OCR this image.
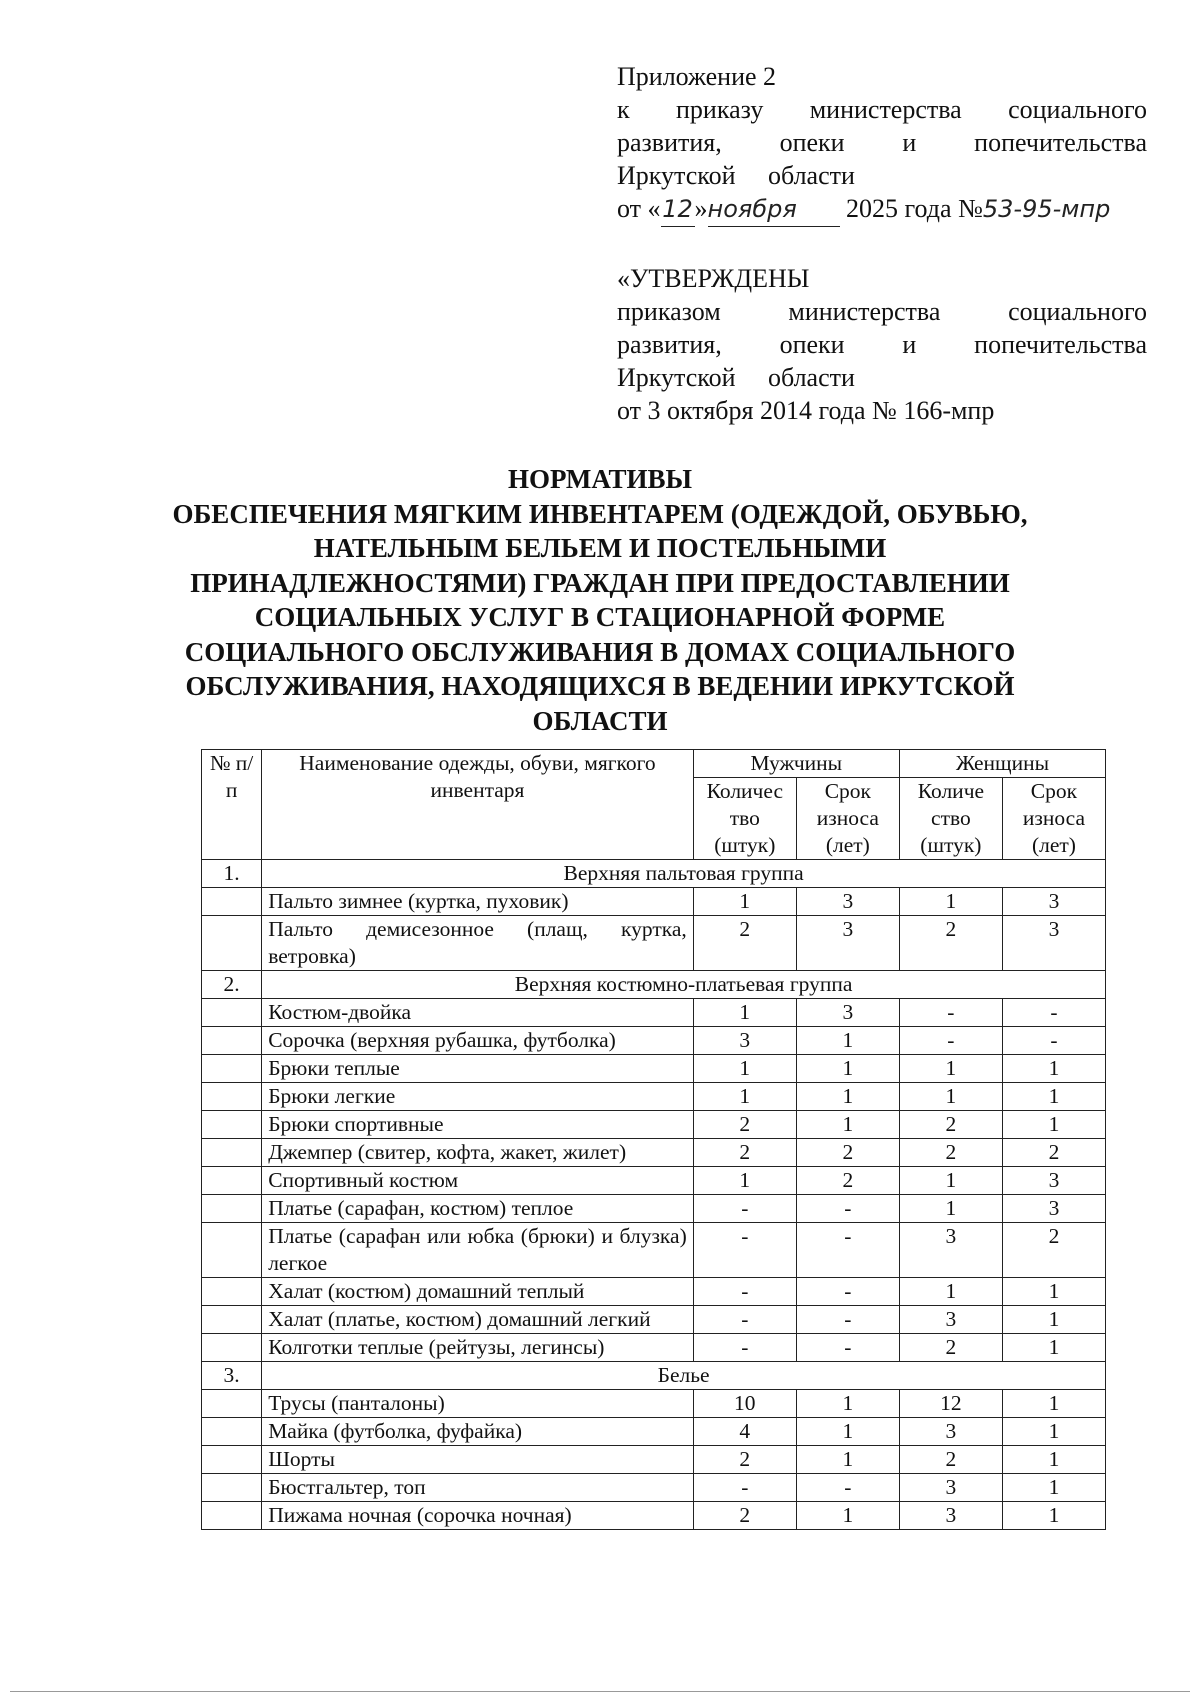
Приложение 2
к приказу министерства социального
развития, опеки и попечительства
Иркутской области
от «12»ноября 2025 года №53-95-мпр
«УТВЕРЖДЕНЫ
приказом	министерства	социального
развития, опеки и попечительства
Иркутской области
от 3 октября 2014 года № 166-мпр
НОРМАТИВЫ
ОБЕСПЕЧЕНИЯ МЯГКИМ ИНВЕНТАРЕМ (ОДЕЖДОЙ, ОБУВЬЮ,
НАТЕЛЬНЫМ БЕЛЬЕМ И ПОСТЕЛЬНЫМИ
ПРИНАДЛЕЖНОСТЯМИ) ГРАЖДАН ПРИ ПРЕДОСТАВЛЕНИИ
СОЦИАЛЬНЫХ УСЛУГ В СТАЦИОНАРНОЙ ФОРМЕ
СОЦИАЛЬНОГО ОБСЛУЖИВАНИЯ В ДОМАХ СОЦИАЛЬНОГО
ОБСЛУЖИВАНИЯ, НАХОДЯЩИХСЯ В ВЕДЕНИИ ИРКУТСКОЙ
ОБЛАСТИ
№ п/п	Наименование одежды, обуви, мягкого инвентаря	Мужчины		Женщины	
		Количес тво (штук)	Срок износа (лет)	Количе ство (штук)	Срок износа (лет)
1.	Верхняя пальтовая группа				
	Пальто зимнее (куртка, пуховик)	1	3	1	3
	Пальто демисезонное (плащ, куртка, ветровка)	2	3	2	3
2.	Верхняя костюмно-платьевая группа				
	Костюм-двойка	1	3	-	-
	Сорочка (верхняя рубашка, футболка)	3	1	-	-
	Брюки теплые	1	1	1	1
	Брюки легкие	1	1	1	1
	Брюки спортивные	2	1	2	1
	Джемпер (свитер, кофта, жакет, жилет)	2	2	2	2
	Спортивный костюм	1	2	1	3
	Платье (сарафан, костюм) теплое	-	-	1	3
	Платье (сарафан или юбка (брюки) и блузка) легкое	-	-	3	2
	Халат (костюм) домашний теплый	-	-	1	1
	Халат (платье, костюм) домашний легкий	-	-	3	1
	Колготки теплые (рейтузы, легинсы)	-	-	2	1
3.	Белье				
	Трусы (панталоны)	10	1	12	1
	Майка (футболка, фуфайка)	4	1	3	1
	Шорты	2	1	2	1
	Бюстгальтер, топ	-	-	3	1
	Пижама ночная (сорочка ночная)	2	1	3	1
